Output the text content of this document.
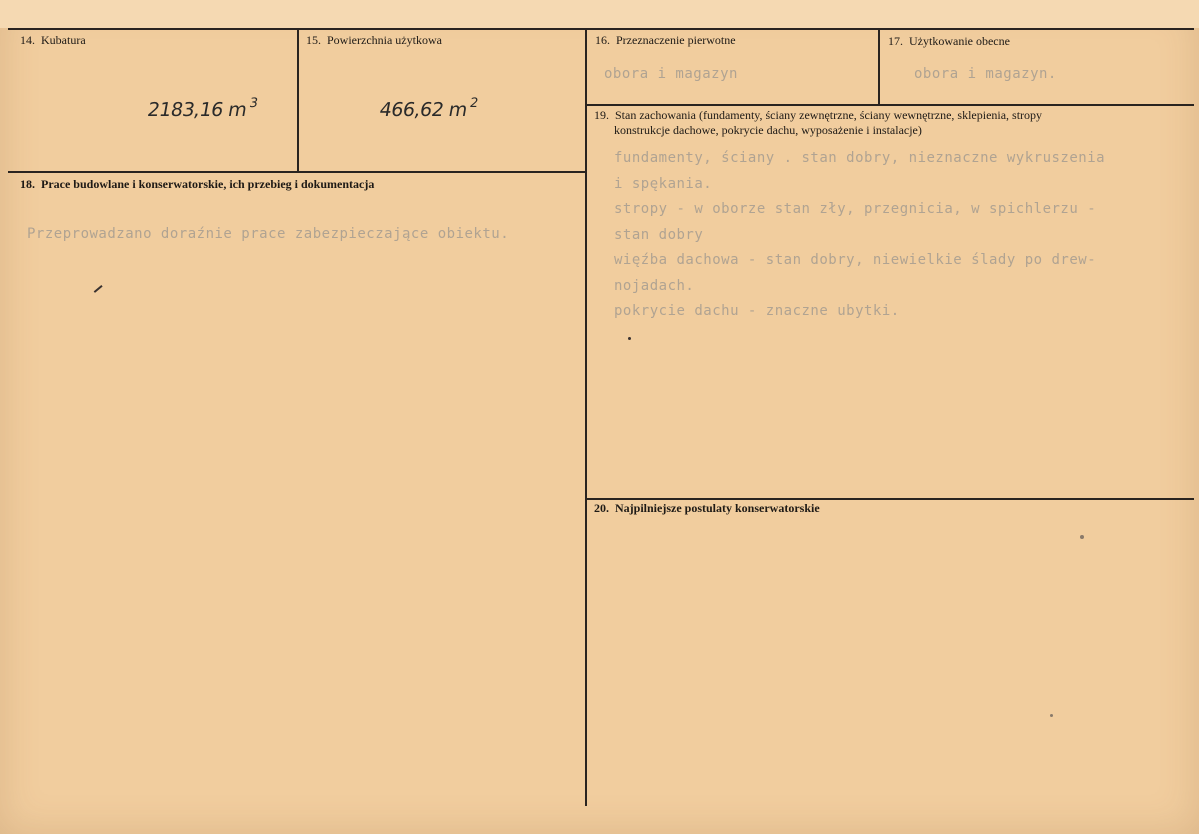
14. Kubatura
2183,16 $m^3$
15. Powierzchnia użytkowa
466,62 $m^2$
16. Przeznaczenie pierwotne
obora i magazyn
17. Użytkowanie obecne
obora i magazyn.
18. Prace budowlane i konserwatorskie, ich przebieg i dokumentacja
Przeprowadzano doraźnie prace zabezpieczające obiektu.
19. Stan zachowania (fundamenty, ściany zewnętrzne, ściany wewnętrzne, sklepienia, stropy
konstrukcje dachowe, pokrycie dachu, wyposażenie i instalacje)
fundamenty, ściany . stan dobry, nieznaczne wykruszenia
i spękania.
stropy - w oborze stan zły, przegnicia, w spichlerzu -
stan dobry
więźba dachowa - stan dobry, niewielkie ślady po drew-
nojadach.
pokrycie dachu - znaczne ubytki.
20. Najpilniejsze postulaty konserwatorskie
